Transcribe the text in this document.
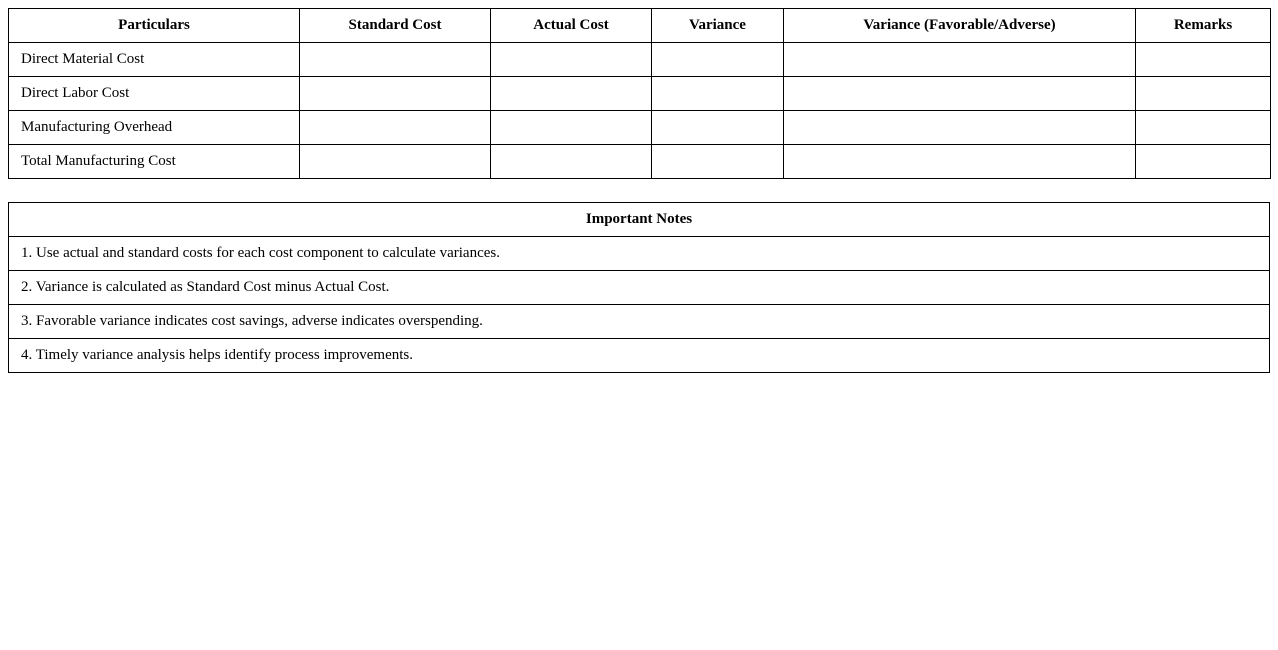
Particulars	Standard Cost	Actual Cost	Variance	Variance (Favorable/Adverse)	Remarks
Direct Material Cost					
Direct Labor Cost					
Manufacturing Overhead					
Total Manufacturing Cost					
Important Notes
1. Use actual and standard costs for each cost component to calculate variances.
2. Variance is calculated as Standard Cost minus Actual Cost.
3. Favorable variance indicates cost savings, adverse indicates overspending.
4. Timely variance analysis helps identify process improvements.
